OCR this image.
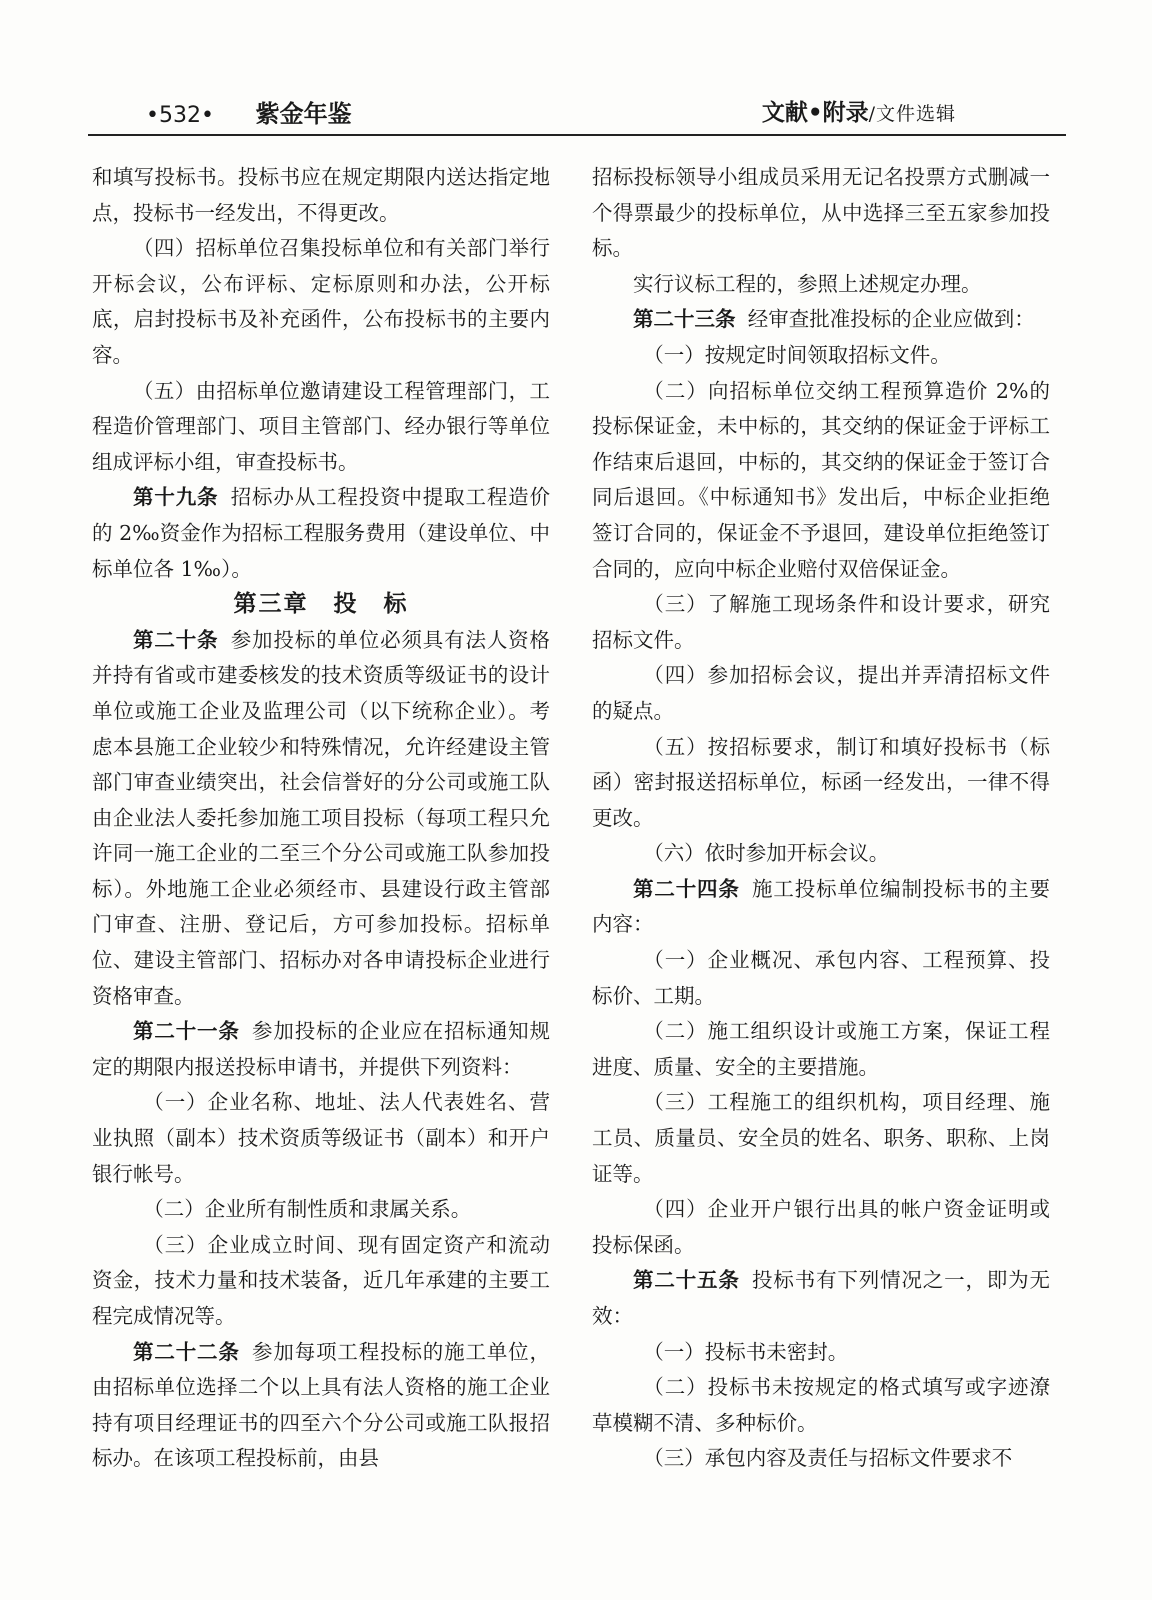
•532• 紫金年鉴	文献•附录/文件选辑

和填写投标书。投标书应在规定期限内送达指定地点，投标书一经发出，不得更改。

（四）招标单位召集投标单位和有关部门举行开标会议，公布评标、定标原则和办法，公开标底，启封投标书及补充函件，公布投标书的主要内容。

（五）由招标单位邀请建设工程管理部门，工程造价管理部门、项目主管部门、经办银行等单位组成评标小组，审查投标书。

第十九条 招标办从工程投资中提取工程造价的 2‰资金作为招标工程服务费用（建设单位、中标单位各 1‰）。

第三章　投　标

第二十条 参加投标的单位必须具有法人资格并持有省或市建委核发的技术资质等级证书的设计单位或施工企业及监理公司（以下统称企业）。考虑本县施工企业较少和特殊情况，允许经建设主管部门审查业绩突出，社会信誉好的分公司或施工队由企业法人委托参加施工项目投标（每项工程只允许同一施工企业的二至三个分公司或施工队参加投标）。外地施工企业必须经市、县建设行政主管部门审查、注册、登记后，方可参加投标。招标单位、建设主管部门、招标办对各申请投标企业进行资格审查。

第二十一条 参加投标的企业应在招标通知规定的期限内报送投标申请书，并提供下列资料：

（一）企业名称、地址、法人代表姓名、营业执照（副本）技术资质等级证书（副本）和开户银行帐号。

（二）企业所有制性质和隶属关系。

（三）企业成立时间、现有固定资产和流动资金，技术力量和技术装备，近几年承建的主要工程完成情况等。

第二十二条 参加每项工程投标的施工单位，由招标单位选择二个以上具有法人资格的施工企业持有项目经理证书的四至六个分公司或施工队报招标办。在该项工程投标前，由县

招标投标领导小组成员采用无记名投票方式删减一个得票最少的投标单位，从中选择三至五家参加投标。

实行议标工程的，参照上述规定办理。

第二十三条 经审查批准投标的企业应做到：

（一）按规定时间领取招标文件。

（二）向招标单位交纳工程预算造价 2%的投标保证金，未中标的，其交纳的保证金于评标工作结束后退回，中标的，其交纳的保证金于签订合同后退回。《中标通知书》发出后，中标企业拒绝签订合同的，保证金不予退回，建设单位拒绝签订合同的，应向中标企业赔付双倍保证金。

（三）了解施工现场条件和设计要求，研究招标文件。

（四）参加招标会议，提出并弄清招标文件的疑点。

（五）按招标要求，制订和填好投标书（标函）密封报送招标单位，标函一经发出，一律不得更改。

（六）依时参加开标会议。

第二十四条 施工投标单位编制投标书的主要内容：

（一）企业概况、承包内容、工程预算、投标价、工期。

（二）施工组织设计或施工方案，保证工程进度、质量、安全的主要措施。

（三）工程施工的组织机构，项目经理、施工员、质量员、安全员的姓名、职务、职称、上岗证等。

（四）企业开户银行出具的帐户资金证明或投标保函。

第二十五条 投标书有下列情况之一，即为无效：

（一）投标书未密封。

（二）投标书未按规定的格式填写或字迹潦草模糊不清、多种标价。

（三）承包内容及责任与招标文件要求不
